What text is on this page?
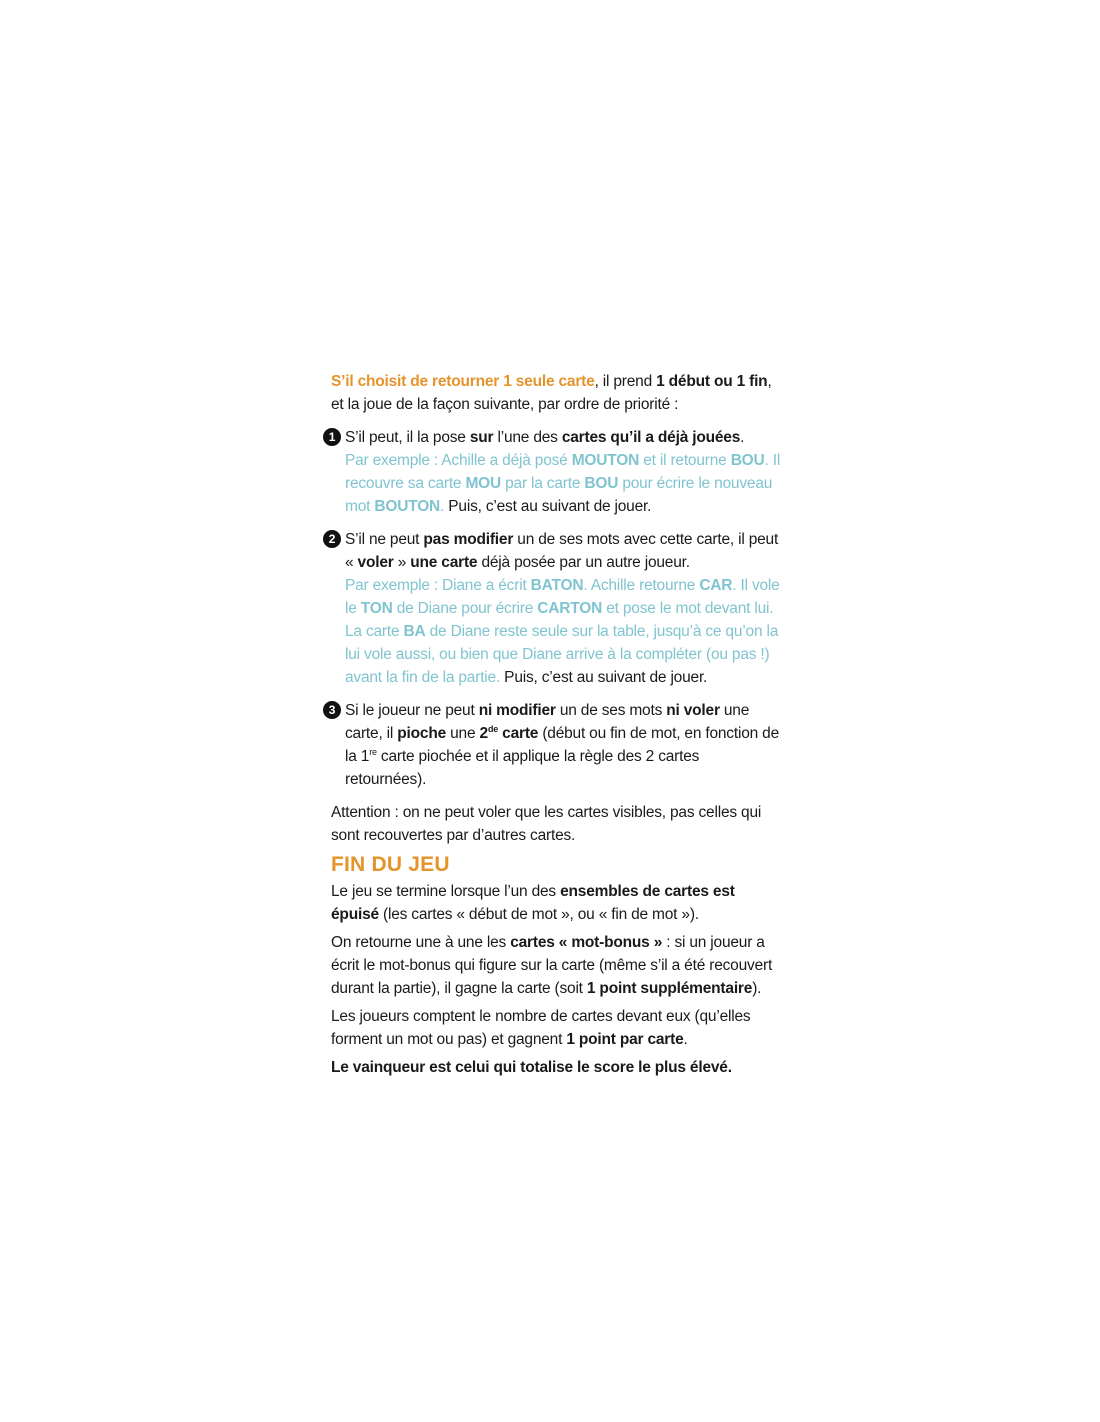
S’il choisit de retourner 1 seule carte, il prend 1 début ou 1 fin,
et la joue de la façon suivante, par ordre de priorité :

1 S’il peut, il la pose sur l’une des cartes qu’il a déjà jouées.
Par exemple : Achille a déjà posé MOUTON et il retourne BOU. Il recouvre sa carte MOU par la carte BOU pour écrire le nouveau mot BOUTON. Puis, c’est au suivant de jouer.

2 S’il ne peut pas modifier un de ses mots avec cette carte, il peut « voler » une carte déjà posée par un autre joueur.
Par exemple : Diane a écrit BATON. Achille retourne CAR. Il vole le TON de Diane pour écrire CARTON et pose le mot devant lui. La carte BA de Diane reste seule sur la table, jusqu’à ce qu’on la lui vole aussi, ou bien que Diane arrive à la compléter (ou pas !) avant la fin de la partie. Puis, c’est au suivant de jouer.

3 Si le joueur ne peut ni modifier un de ses mots ni voler une carte, il pioche une 2de carte (début ou fin de mot, en fonction de la 1re carte piochée et il applique la règle des 2 cartes retournées).

Attention : on ne peut voler que les cartes visibles, pas celles qui sont recouvertes par d’autres cartes.

FIN DU JEU

Le jeu se termine lorsque l’un des ensembles de cartes est épuisé (les cartes « début de mot », ou « fin de mot »).

On retourne une à une les cartes « mot-bonus » : si un joueur a écrit le mot-bonus qui figure sur la carte (même s’il a été recouvert durant la partie), il gagne la carte (soit 1 point supplémentaire).

Les joueurs comptent le nombre de cartes devant eux (qu’elles forment un mot ou pas) et gagnent 1 point par carte.

Le vainqueur est celui qui totalise le score le plus élevé.
